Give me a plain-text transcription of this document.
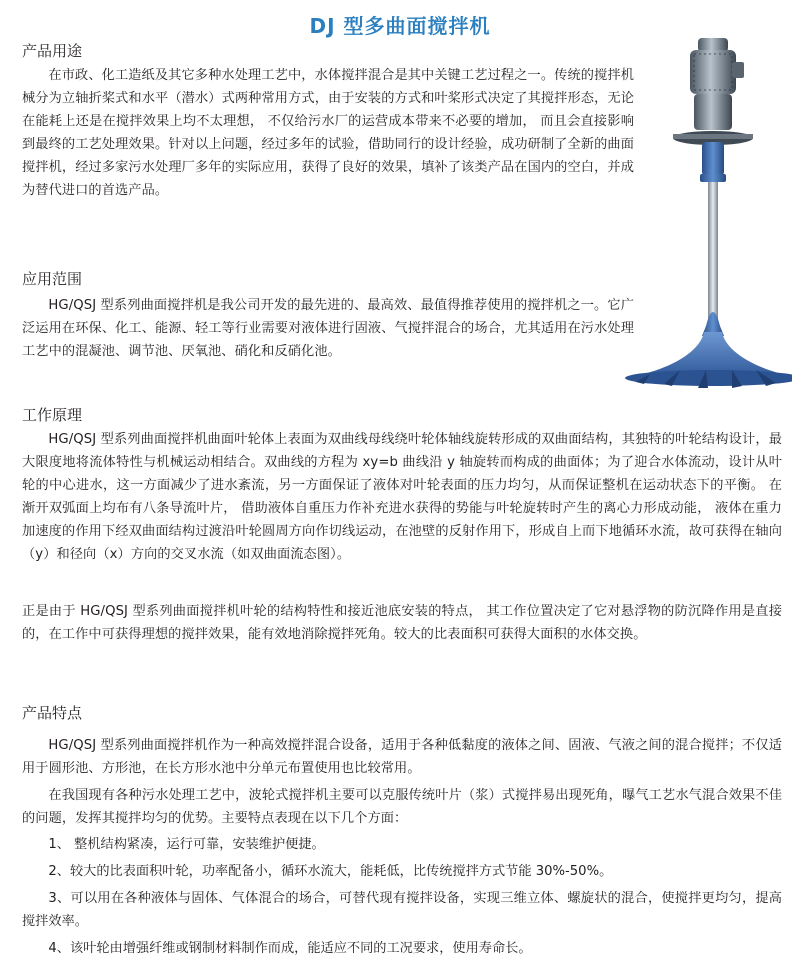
DJ 型多曲面搅拌机
产品用途
在市政、化工造纸及其它多种水处理工艺中，水体搅拌混合是其中关键工艺过程之一。传统的搅拌机械分为立轴折桨式和水平（潜水）式两种常用方式，由于安装的方式和叶桨形式决定了其搅拌形态，无论在能耗上还是在搅拌效果上均不太理想， 不仅给污水厂的运营成本带来不必要的增加， 而且会直接影响到最终的工艺处理效果。针对以上问题，经过多年的试验，借助同行的设计经验，成功研制了全新的曲面搅拌机，经过多家污水处理厂多年的实际应用，获得了良好的效果，填补了该类产品在国内的空白，并成为替代进口的首选产品。
应用范围
HG/QSJ 型系列曲面搅拌机是我公司开发的最先进的、最高效、最值得推荐使用的搅拌机之一。它广泛运用在环保、化工、能源、轻工等行业需要对液体进行固液、气搅拌混合的场合，尤其适用在污水处理工艺中的混凝池、调节池、厌氧池、硝化和反硝化池。
工作原理
HG/QSJ 型系列曲面搅拌机曲面叶轮体上表面为双曲线母线绕叶轮体轴线旋转形成的双曲面结构，其独特的叶轮结构设计，最大限度地将流体特性与机械运动相结合。双曲线的方程为 xy=b 曲线沿 y 轴旋转而构成的曲面体；为了迎合水体流动，设计从叶轮的中心进水，这一方面减少了进水紊流，另一方面保证了液体对叶轮表面的压力均匀，从而保证整机在运动状态下的平衡。 在渐开双弧面上均布有八条导流叶片， 借助液体自重压力作补充进水获得的势能与叶轮旋转时产生的离心力形成动能， 液体在重力加速度的作用下经双曲面结构过渡沿叶轮圆周方向作切线运动，在池壁的反射作用下，形成自上而下地循环水流，故可获得在轴向（y）和径向（x）方向的交叉水流（如双曲面流态图）。
正是由于 HG/QSJ 型系列曲面搅拌机叶轮的结构特性和接近池底安装的特点， 其工作位置决定了它对悬浮物的防沉降作用是直接的，在工作中可获得理想的搅拌效果，能有效地消除搅拌死角。较大的比表面积可获得大面积的水体交换。
产品特点
HG/QSJ 型系列曲面搅拌机作为一种高效搅拌混合设备，适用于各种低黏度的液体之间、固液、气液之间的混合搅拌；不仅适用于圆形池、方形池，在长方形水池中分单元布置使用也比较常用。
在我国现有各种污水处理工艺中，波轮式搅拌机主要可以克服传统叶片（浆）式搅拌易出现死角，曝气工艺水气混合效果不佳的问题，发挥其搅拌均匀的优势。主要特点表现在以下几个方面：
1、 整机结构紧凑，运行可靠，安装维护便捷。
2、较大的比表面积叶轮，功率配备小，循环水流大，能耗低，比传统搅拌方式节能 30%-50%。
3、可以用在各种液体与固体、气体混合的场合，可替代现有搅拌设备，实现三维立体、螺旋状的混合，使搅拌更均匀，提高搅拌效率。
4、该叶轮由增强纤维或钢制材料制作而成，能适应不同的工况要求，使用寿命长。
